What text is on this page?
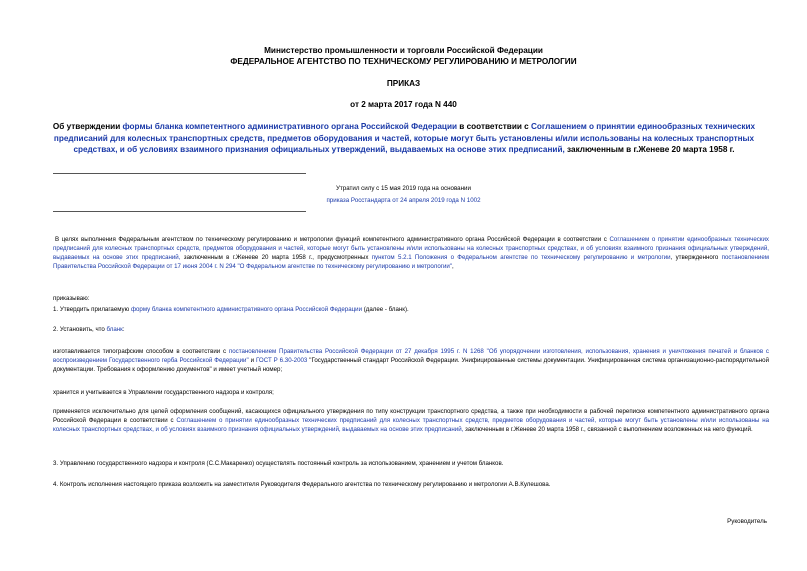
Министерство промышленности и торговли Российской Федерации
ФЕДЕРАЛЬНОЕ АГЕНТСТВО ПО ТЕХНИЧЕСКОМУ РЕГУЛИРОВАНИЮ И МЕТРОЛОГИИ
ПРИКАЗ
от 2 марта 2017 года N 440
Об утверждении формы бланка компетентного административного органа Российской Федерации в соответствии с Соглашением о принятии единообразных технических предписаний для колесных транспортных средств, предметов оборудования и частей, которые могут быть установлены и/или использованы на колесных транспортных средствах, и об условиях взаимного признания официальных утверждений, выдаваемых на основе этих предписаний, заключенным в г.Женеве 20 марта 1958 г.
Утратил силу с 15 мая 2019 года на основании
приказа Росстандарта от 24 апреля 2019 года N 1002
В целях выполнения Федеральным агентством по техническому регулированию и метрологии функций компетентного административного органа Российской Федерации в соответствии с Соглашением о принятии единообразных технических предписаний для колесных транспортных средств, предметов оборудования и частей, которые могут быть установлены и/или использованы на колесных транспортных средствах, и об условиях взаимного признания официальных утверждений, выдаваемых на основе этих предписаний, заключенным в г.Женеве 20 марта 1958 г., предусмотренных пунктом 5.2.1 Положения о Федеральном агентстве по техническому регулированию и метрологии, утвержденного постановлением Правительства Российской Федерации от 17 июня 2004 г. N 294 "О Федеральном агентстве по техническому регулированию и метрологии",
приказываю:
1. Утвердить прилагаемую форму бланка компетентного административного органа Российской Федерации (далее - бланк).
2. Установить, что бланк:
изготавливается типографским способом в соответствии с постановлением Правительства Российской Федерации от 27 декабря 1995 г. N 1268 "Об упорядочении изготовления, использования, хранения и уничтожения печатей и бланков с воспроизведением Государственного герба Российской Федерации" и ГОСТ Р 6.30-2003 "Государственный стандарт Российской Федерации. Унифицированные системы документации. Унифицированная система организационно-распорядительной документации. Требования к оформлению документов" и имеет учетный номер;
хранится и учитывается в Управлении государственного надзора и контроля;
применяется исключительно для целей оформления сообщений, касающихся официального утверждения по типу конструкции транспортного средства, а также при необходимости в рабочей переписке компетентного административного органа Российской Федерации в соответствии с Соглашением о принятии единообразных технических предписаний для колесных транспортных средств, предметов оборудования и частей, которые могут быть установлены и/или использованы на колесных транспортных средствах, и об условиях взаимного признания официальных утверждений, выдаваемых на основе этих предписаний, заключенным в г.Женеве 20 марта 1958 г., связанной с выполнением возложенных на него функций.
3. Управлению государственного надзора и контроля (С.С.Макаренко) осуществлять постоянный контроль за использованием, хранением и учетом бланков.
4. Контроль исполнения настоящего приказа возложить на заместителя Руководителя Федерального агентства по техническому регулированию и метрологии А.В.Кулешова.
Руководитель
